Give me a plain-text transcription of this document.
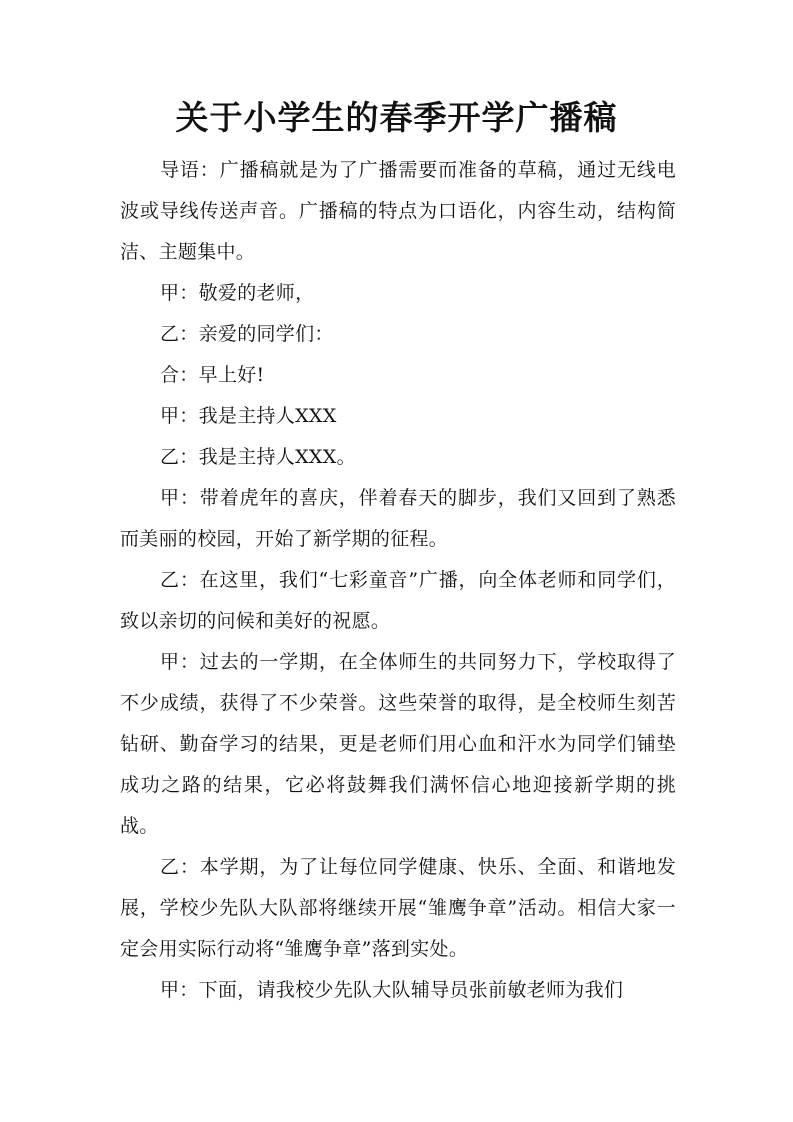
关于小学生的春季开学广播稿

导语：广播稿就是为了广播需要而准备的草稿，通过无线电波或导线传送声音。广播稿的特点为口语化，内容生动，结构简洁、主题集中。

甲：敬爱的老师，

乙：亲爱的同学们：

合：早上好!

甲：我是主持人XXX

乙：我是主持人XXX。

甲：带着虎年的喜庆，伴着春天的脚步，我们又回到了熟悉而美丽的校园，开始了新学期的征程。

乙：在这里，我们“七彩童音”广播，向全体老师和同学们，致以亲切的问候和美好的祝愿。

甲：过去的一学期，在全体师生的共同努力下，学校取得了不少成绩，获得了不少荣誉。这些荣誉的取得，是全校师生刻苦钻研、勤奋学习的结果，更是老师们用心血和汗水为同学们铺垫成功之路的结果，它必将鼓舞我们满怀信心地迎接新学期的挑战。

乙：本学期，为了让每位同学健康、快乐、全面、和谐地发展，学校少先队大队部将继续开展“雏鹰争章”活动。相信大家一定会用实际行动将“雏鹰争章”落到实处。

甲：下面，请我校少先队大队辅导员张前敏老师为我们
